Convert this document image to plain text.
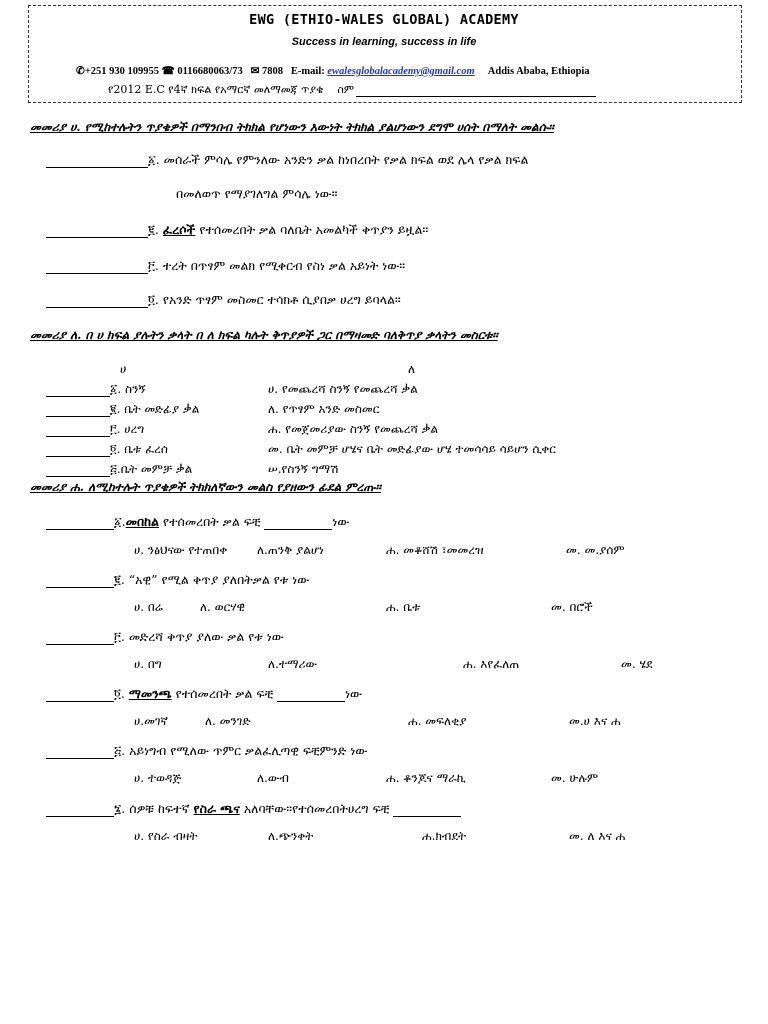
EWG (ETHIO-WALES GLOBAL) ACADEMY
Success in learning, success in life
✆+251 930 109955 ☎ 0116680063/73 ✉ 7808 E-mail: ewalesglobalacademy@gmail.com Addis Ababa, Ethiopia
የ2012 E.C የ4ኛ ክፍል የአማርኛ መለማመጃ ጥያቄ ስም
መመሪያ ሀ. የሚከተሉትን ጥያቄዎች በማንበብ ትክክል የሆነውን እውነት ትክክል ያልሆነውን ደግሞ ሀሰት በማለት መልሱ።
፩. መሰራች ምሳሌ የምንለው አንድን ቃል ከነበረበት የቃል ክፍል ወደ ሌላ የቃል ክፍል
በመለወጥ የማያገለግል ምሳሌ ነው።
፪. ፈረሶች የተሰመረበት ቃል ባለቤት አመልካች ቅጥያን ይዟል።
፫. ተረት በጥፃም መልክ የሚቀርብ የስነ ቃል አይነት ነው።
፬. የአንድ ጥፃም መስመር ተሳክቶ ሲያበቃ ሀረግ ይባላል።
መመሪያ ለ. በ ሀ ክፍል ያሉትን ቃላት በ ለ ክፍል ካሉት ቅጥያዎች ጋር በማዛመድ ባለቅጥያ ቃላትን መስርቱ።
ሀ	ለ
፩. ስንኝ	ሀ. የመጨረሻ ስንኝ የመጨረሻ ቃል
፪. ቤት መድፊያ ቃል	ለ. የጥፃም አንድ መስመር
፫. ሀረግ	ሐ. የመጀመሪያው ስንኝ የመጨረሻ ቃል
፬. ቤቱ ፈረሰ	መ. ቤት መምቻ ሆሄና ቤት መድፊያው ሆሄ ተመሳሳይ ሳይሆን ሲቀር
፭.ቤት መምቻ ቃል	ሠ.የስንኝ ግማሽ
መመሪያ ሐ. ለሚከተሉት ጥያቄዎች ትክክለኛውን መልስ የያዘውን ፊደል ምረጡ።
፩.መበከል የተሰመረበት ቃል ፍቺ	ነው
ሀ. ንፅህናው የተጠበቀ ለ.ጠንቅ ያልሆነ	ሐ. መቆሸሽ ፣መመረዝ	መ. መ.ያሰም
፪. “አዊ” የሚል ቅጥያ ያለበትቃል የቱ ነው
ሀ. በሬ	ለ. ወርሃዊ	ሐ. ቤቱ	መ. በሮች
፫. መድረሻ ቅጥያ ያለው ቃል የቱ ነው
ሀ. በግ	ለ.ተማሪው	ሐ. እየፈለጠ	መ. ሄደ
፬. ማመንጫ የተሰመረበት ቃል ፍቺ	ነው
ሀ.መገኛ	ለ. መንገድ	ሐ. መፍለቂያ	መ.ሀ እና ሐ
፭. አይነግብ የሚለው ጥምር ቃልፈሊጣዊ ፍቺምንድ ነው
ሀ. ተወዳጅ	ለ.ውብ	ሐ. ቆንጆና ማራኪ	መ. ሁሉም
፮. ሰዎቹ ከፍተኛ የስራ ጫና አለባቸው፡፡የተሰመረበትሀረግ ፍቺ
ሀ. የስራ ብዛት	ለ.ጭንቀት	ሐ.ክብደት	መ. ለ እና ሐ
